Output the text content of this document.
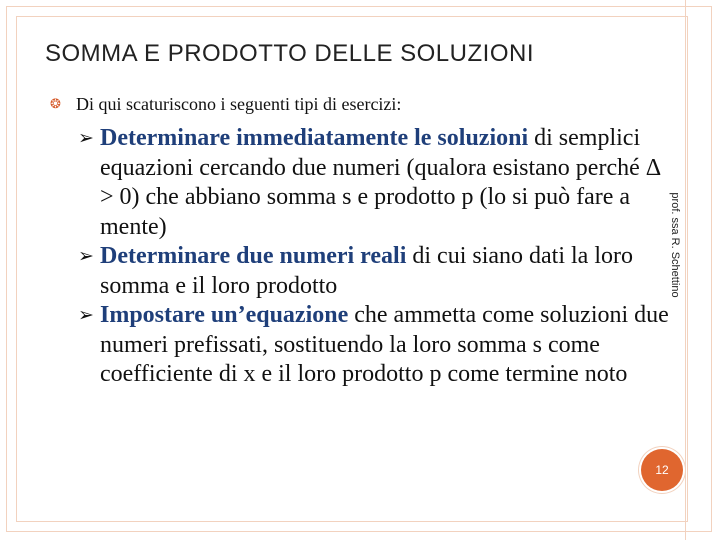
SOMMA E PRODOTTO DELLE SOLUZIONI
❂ Di qui scaturiscono i seguenti tipi di esercizi:
➢ Determinare immediatamente le soluzioni di semplici equazioni cercando due numeri (qualora esistano perché Δ > 0) che abbiano somma s e prodotto p (lo si può fare a mente)
➢ Determinare due numeri reali di cui siano dati la loro somma e il loro prodotto
➢ Impostare un’equazione che ammetta come soluzioni due numeri prefissati, sostituendo la loro somma s come coefficiente di x e il loro prodotto p come termine noto
prof. ssa R. Schettino
12
